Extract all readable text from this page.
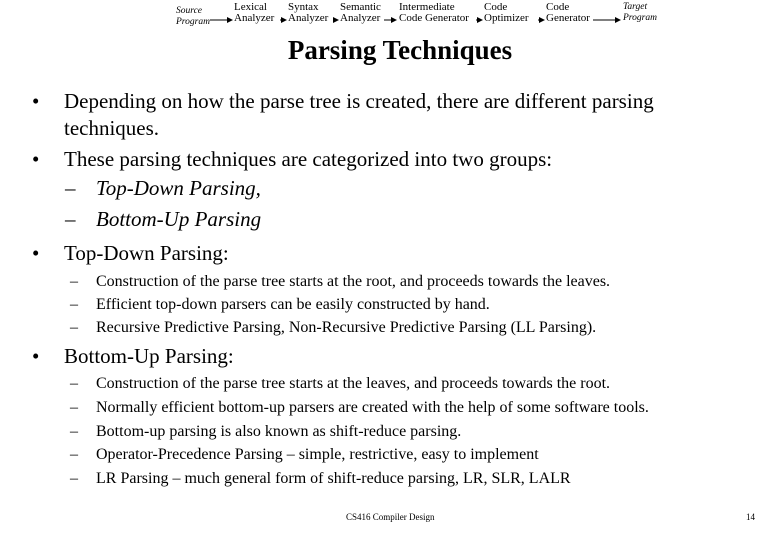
Source
Program
Lexical
Analyzer
Syntax
Analyzer
Semantic
Analyzer
Intermediate
Code Generator
Code
Optimizer
Code
Generator
Target
Program
Parsing Techniques
• Depending on how the parse tree is created, there are different parsing
techniques.
• These parsing techniques are categorized into two groups:
– Top-Down Parsing,
– Bottom-Up Parsing
• Top-Down Parsing:
– Construction of the parse tree starts at the root, and proceeds towards the leaves.
– Efficient top-down parsers can be easily constructed by hand.
– Recursive Predictive Parsing, Non-Recursive Predictive Parsing (LL Parsing).
• Bottom-Up Parsing:
– Construction of the parse tree starts at the leaves, and proceeds towards the root.
– Normally efficient bottom-up parsers are created with the help of some software tools.
– Bottom-up parsing is also known as shift-reduce parsing.
– Operator-Precedence Parsing – simple, restrictive, easy to implement
– LR Parsing – much general form of shift-reduce parsing, LR, SLR, LALR
CS416 Compiler Design	14
